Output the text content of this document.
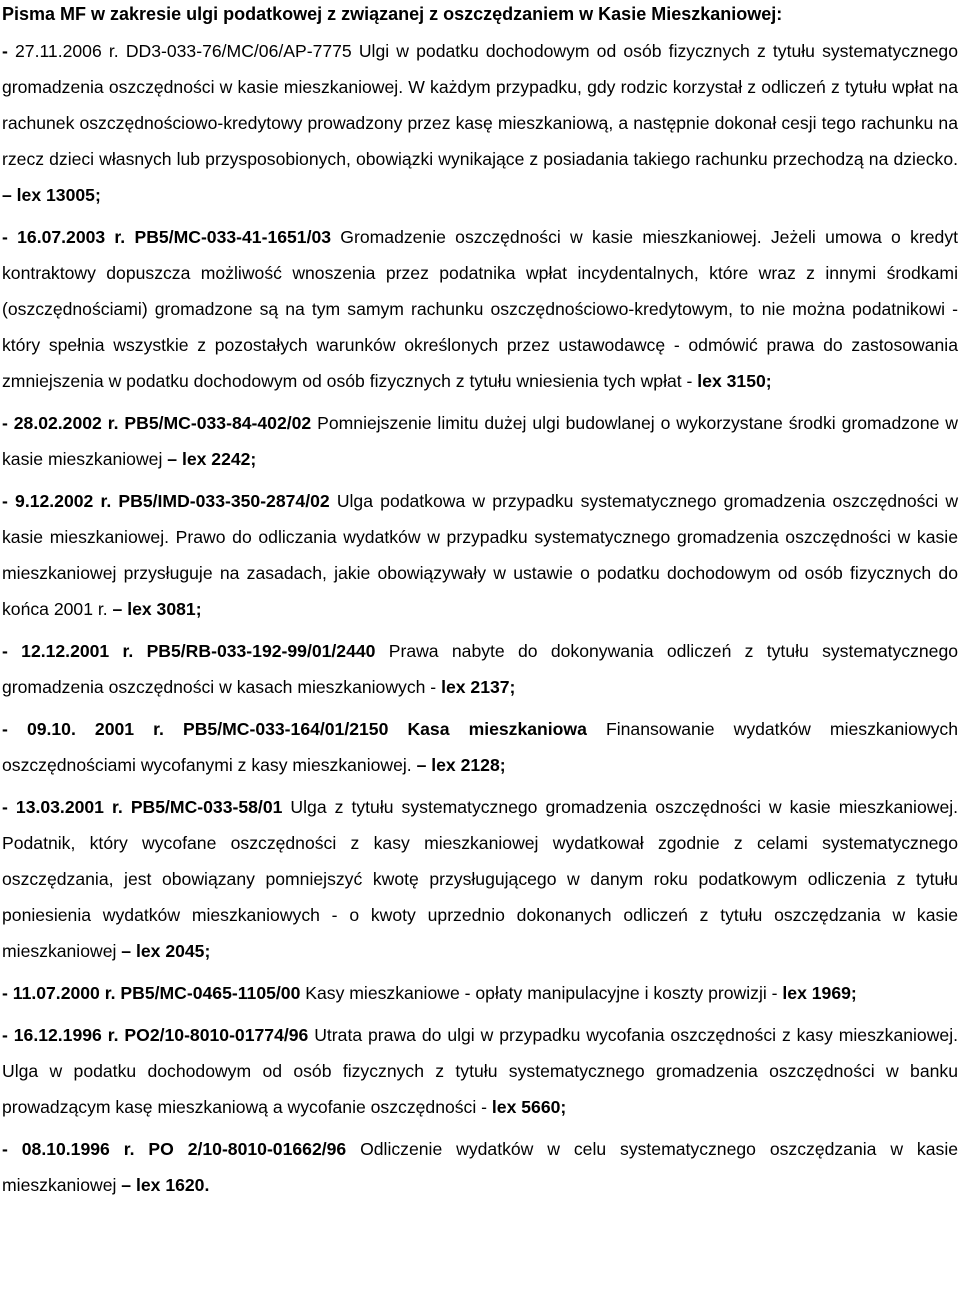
Pisma MF w zakresie ulgi podatkowej z związanej z oszczędzaniem w Kasie Mieszkaniowej:
- 27.11.2006 r. DD3-033-76/MC/06/AP-7775 Ulgi w podatku dochodowym od osób fizycznych z tytułu systematycznego gromadzenia oszczędności w kasie mieszkaniowej. W każdym przypadku, gdy rodzic korzystał z odliczeń z tytułu wpłat na rachunek oszczędnościowo-kredytowy prowadzony przez kasę mieszkaniową, a następnie dokonał cesji tego rachunku na rzecz dzieci własnych lub przysposobionych, obowiązki wynikające z posiadania takiego rachunku przechodzą na dziecko. – lex 13005;
- 16.07.2003 r. PB5/MC-033-41-1651/03 Gromadzenie oszczędności w kasie mieszkaniowej. Jeżeli umowa o kredyt kontraktowy dopuszcza możliwość wnoszenia przez podatnika wpłat incydentalnych, które wraz z innymi środkami (oszczędnościami) gromadzone są na tym samym rachunku oszczędnościowo-kredytowym, to nie można podatnikowi - który spełnia wszystkie z pozostałych warunków określonych przez ustawodawcę - odmówić prawa do zastosowania zmniejszenia w podatku dochodowym od osób fizycznych z tytułu wniesienia tych wpłat - lex 3150;
- 28.02.2002 r. PB5/MC-033-84-402/02 Pomniejszenie limitu dużej ulgi budowlanej o wykorzystane środki gromadzone w kasie mieszkaniowej – lex 2242;
- 9.12.2002 r. PB5/IMD-033-350-2874/02 Ulga podatkowa w przypadku systematycznego gromadzenia oszczędności w kasie mieszkaniowej. Prawo do odliczania wydatków w przypadku systematycznego gromadzenia oszczędności w kasie mieszkaniowej przysługuje na zasadach, jakie obowiązywały w ustawie o podatku dochodowym od osób fizycznych do końca 2001 r. – lex 3081;
- 12.12.2001 r. PB5/RB-033-192-99/01/2440 Prawa nabyte do dokonywania odliczeń z tytułu systematycznego gromadzenia oszczędności w kasach mieszkaniowych - lex 2137;
- 09.10. 2001 r. PB5/MC-033-164/01/2150 Kasa mieszkaniowa Finansowanie wydatków mieszkaniowych oszczędnościami wycofanymi z kasy mieszkaniowej. – lex 2128;
- 13.03.2001 r. PB5/MC-033-58/01 Ulga z tytułu systematycznego gromadzenia oszczędności w kasie mieszkaniowej. Podatnik, który wycofane oszczędności z kasy mieszkaniowej wydatkował zgodnie z celami systematycznego oszczędzania, jest obowiązany pomniejszyć kwotę przysługującego w danym roku podatkowym odliczenia z tytułu poniesienia wydatków mieszkaniowych - o kwoty uprzednio dokonanych odliczeń z tytułu oszczędzania w kasie mieszkaniowej – lex 2045;
- 11.07.2000 r. PB5/MC-0465-1105/00 Kasy mieszkaniowe - opłaty manipulacyjne i koszty prowizji - lex 1969;
- 16.12.1996 r. PO2/10-8010-01774/96 Utrata prawa do ulgi w przypadku wycofania oszczędności z kasy mieszkaniowej. Ulga w podatku dochodowym od osób fizycznych z tytułu systematycznego gromadzenia oszczędności w banku prowadzącym kasę mieszkaniową a wycofanie oszczędności - lex 5660;
- 08.10.1996 r. PO 2/10-8010-01662/96 Odliczenie wydatków w celu systematycznego oszczędzania w kasie mieszkaniowej – lex 1620.
